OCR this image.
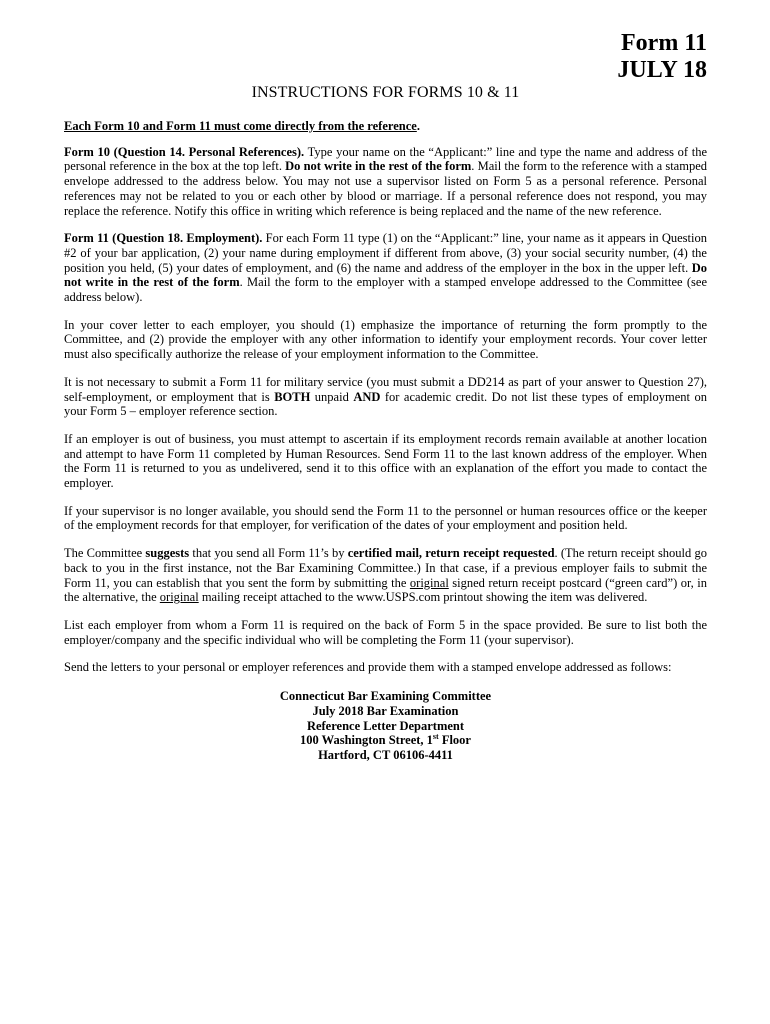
Form 11
JULY 18
INSTRUCTIONS FOR FORMS 10 & 11

Each Form 10 and Form 11 must come directly from the reference.

Form 10 (Question 14. Personal References). Type your name on the “Applicant:” line and type the name and address of the personal reference in the box at the top left. Do not write in the rest of the form. Mail the form to the reference with a stamped envelope addressed to the address below. You may not use a supervisor listed on Form 5 as a personal reference. Personal references may not be related to you or each other by blood or marriage. If a personal reference does not respond, you may replace the reference. Notify this office in writing which reference is being replaced and the name of the new reference.

Form 11 (Question 18. Employment). For each Form 11 type (1) on the “Applicant:” line, your name as it appears in Question #2 of your bar application, (2) your name during employment if different from above, (3) your social security number, (4) the position you held, (5) your dates of employment, and (6) the name and address of the employer in the box in the upper left. Do not write in the rest of the form. Mail the form to the employer with a stamped envelope addressed to the Committee (see address below).

In your cover letter to each employer, you should (1) emphasize the importance of returning the form promptly to the Committee, and (2) provide the employer with any other information to identify your employment records. Your cover letter must also specifically authorize the release of your employment information to the Committee.

It is not necessary to submit a Form 11 for military service (you must submit a DD214 as part of your answer to Question 27), self-employment, or employment that is BOTH unpaid AND for academic credit. Do not list these types of employment on your Form 5 – employer reference section.

If an employer is out of business, you must attempt to ascertain if its employment records remain available at another location and attempt to have Form 11 completed by Human Resources. Send Form 11 to the last known address of the employer. When the Form 11 is returned to you as undelivered, send it to this office with an explanation of the effort you made to contact the employer.

If your supervisor is no longer available, you should send the Form 11 to the personnel or human resources office or the keeper of the employment records for that employer, for verification of the dates of your employment and position held.

The Committee suggests that you send all Form 11’s by certified mail, return receipt requested. (The return receipt should go back to you in the first instance, not the Bar Examining Committee.) In that case, if a previous employer fails to submit the Form 11, you can establish that you sent the form by submitting the original signed return receipt postcard (“green card”) or, in the alternative, the original mailing receipt attached to the www.USPS.com printout showing the item was delivered.

List each employer from whom a Form 11 is required on the back of Form 5 in the space provided. Be sure to list both the employer/company and the specific individual who will be completing the Form 11 (your supervisor).

Send the letters to your personal or employer references and provide them with a stamped envelope addressed as follows:

Connecticut Bar Examining Committee
July 2018 Bar Examination
Reference Letter Department
100 Washington Street, 1st Floor
Hartford, CT 06106-4411
